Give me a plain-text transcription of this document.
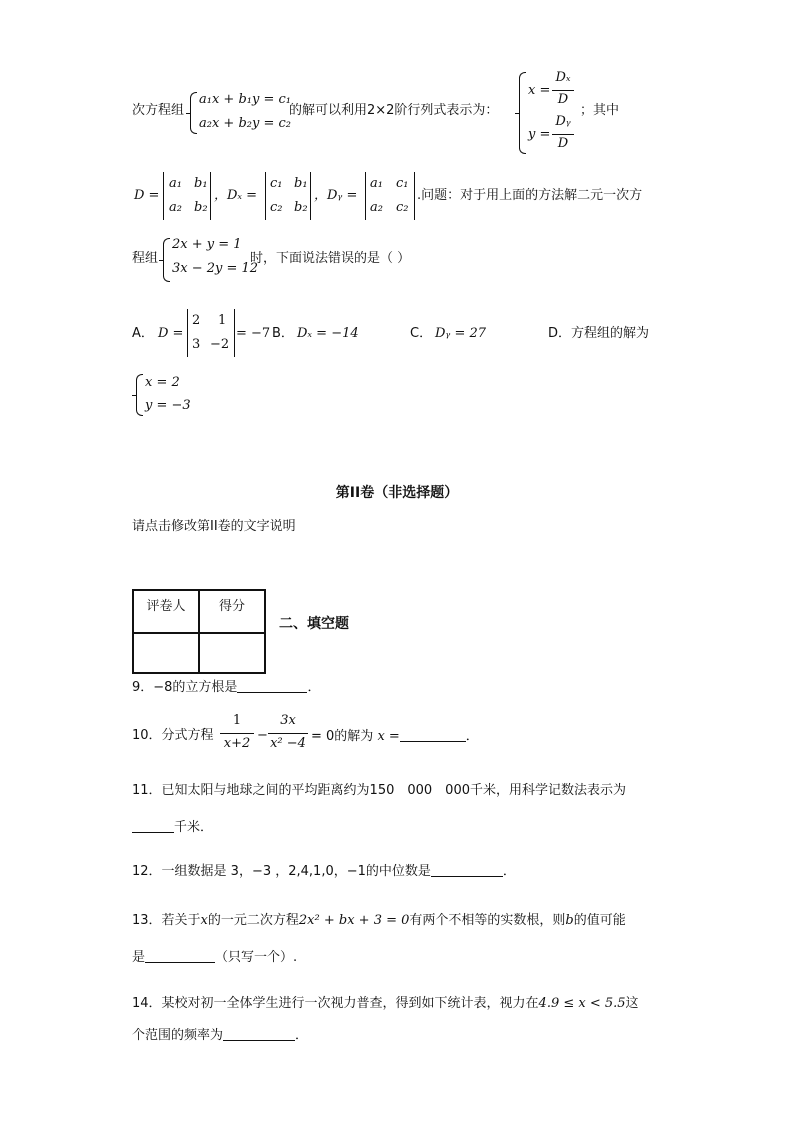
次方程组
a₁x + b₁y = c₁
a₂x + b₂y = c₂
的解可以利用2×2阶行列式表示为：
x =
Dₓ
D
y =
Dᵧ
D
；其中
D =
a₁ b₁
a₂ b₂
，Dₓ =
c₁ b₁
c₂ b₂
，Dᵧ =
a₁ c₁
a₂ c₂
.问题：对于用上面的方法解二元一次方
程组
2x + y = 1
3x − 2y = 12
时，下面说法错误的是（ ）
A． D =
2 1
3 −2
= −7 B． Dₓ = −14	C． Dᵧ = 27	D．方程组的解为
x = 2
y = −3
第II卷（非选择题）
请点击修改第II卷的文字说明
评卷人	得分

二、填空题
9．−8的立方根是	．
10．分式方程
1
x+2
−
3x
x² −4 = 0的解为 x =	．
11．已知太阳与地球之间的平均距离约为150　000　000千米，用科学记数法表示为
千米．
12．一组数据是 3，−3 ，2,4,1,0，−1的中位数是	．
13．若关于x的一元二次方程2x² + bx + 3 = 0有两个不相等的实数根，则b的值可能
是	（只写一个）.
14．某校对初一全体学生进行一次视力普查，得到如下统计表，视力在4.9 ≤ x < 5.5这
个范围的频率为	．
